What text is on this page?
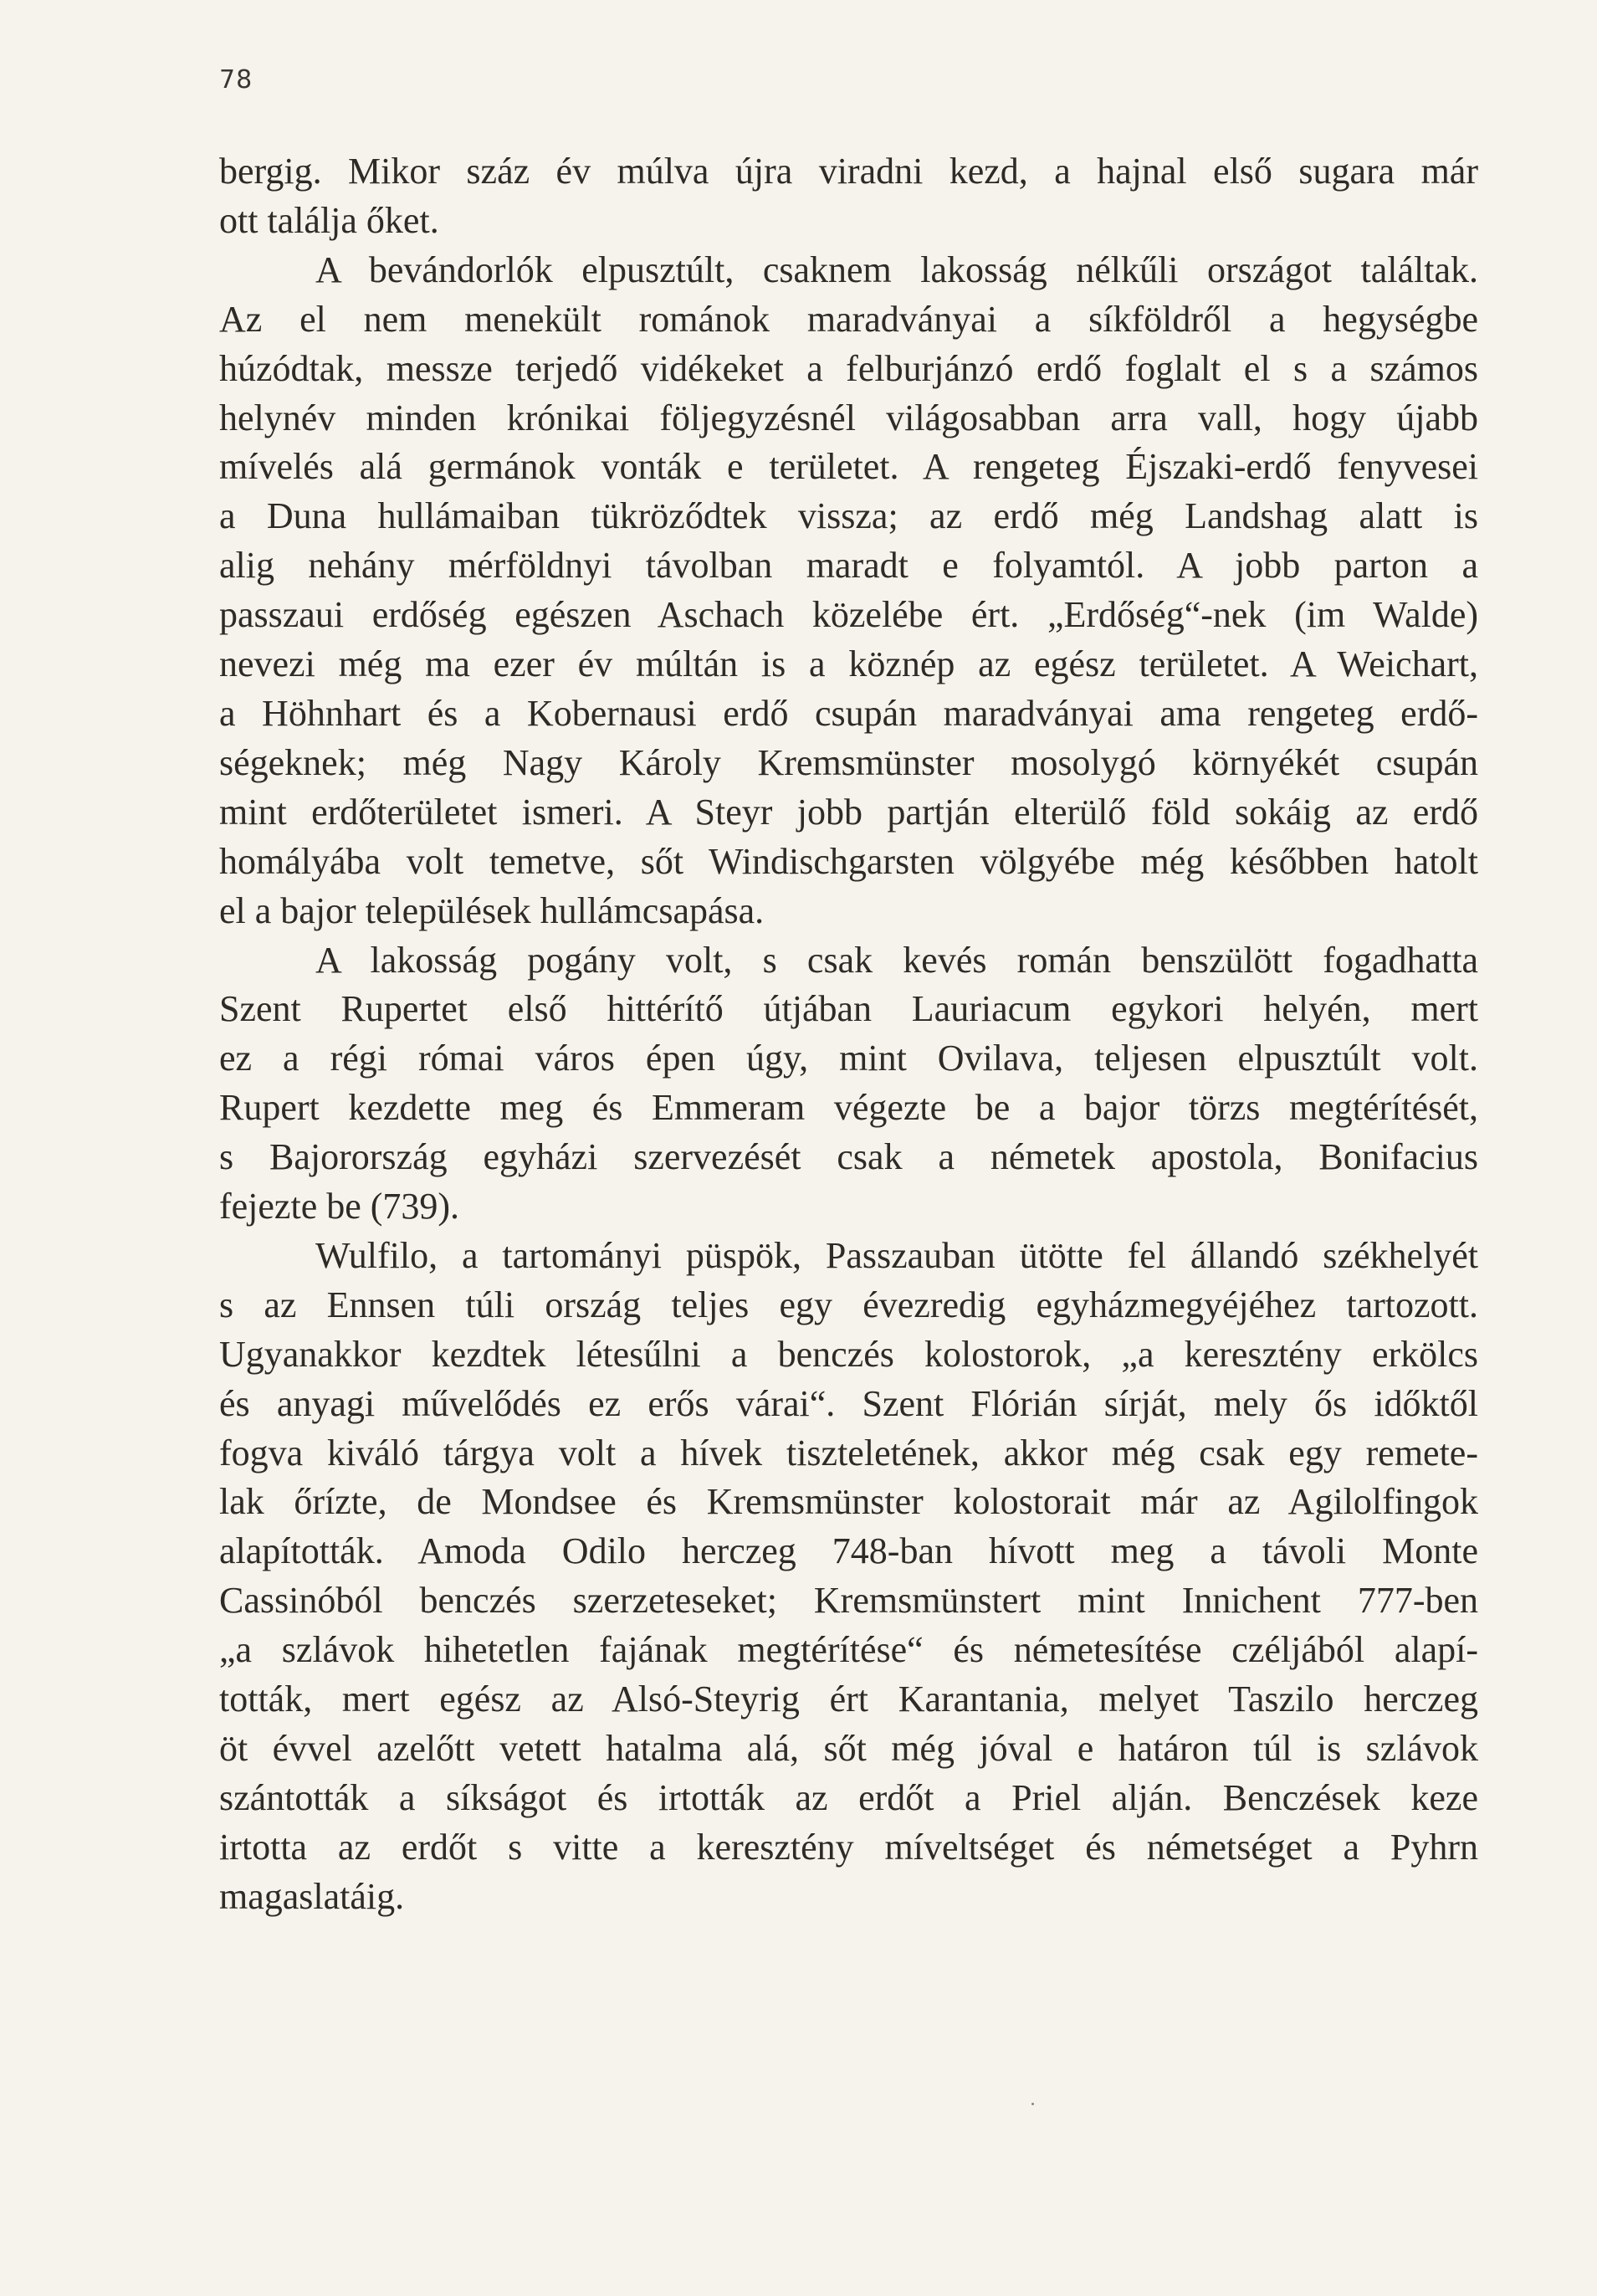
78

bergig. Mikor száz év múlva újra viradni kezd, a hajnal első sugara már
ott találja őket.

A bevándorlók elpusztúlt, csaknem lakosság nélkűli országot találtak.
Az el nem menekült románok maradványai a síkföldről a hegységbe
húzódtak, messze terjedő vidékeket a felburjánzó erdő foglalt el s a számos
helynév minden krónikai följegyzésnél világosabban arra vall, hogy újabb
mívelés alá germánok vonták e területet. A rengeteg Éjszaki-erdő fenyvesei
a Duna hullámaiban tükröződtek vissza; az erdő még Landshag alatt is
alig nehány mérföldnyi távolban maradt e folyamtól. A jobb parton a
passzaui erdőség egészen Aschach közelébe ért. „Erdőség“-nek (im Walde)
nevezi még ma ezer év múltán is a köznép az egész területet. A Weichart,
a Höhnhart és a Kobernausi erdő csupán maradványai ama rengeteg erdő-
ségeknek; még Nagy Károly Kremsmünster mosolygó környékét csupán
mint erdőterületet ismeri. A Steyr jobb partján elterülő föld sokáig az erdő
homályába volt temetve, sőt Windischgarsten völgyébe még későbben hatolt
el a bajor települések hullámcsapása.

A lakosság pogány volt, s csak kevés román benszülött fogadhatta
Szent Rupertet első hittérítő útjában Lauriacum egykori helyén, mert
ez a régi római város épen úgy, mint Ovilava, teljesen elpusztúlt volt.
Rupert kezdette meg és Emmeram végezte be a bajor törzs megtérítését,
s Bajorország egyházi szervezését csak a németek apostola, Bonifacius
fejezte be (739).

Wulfilo, a tartományi püspök, Passzauban ütötte fel állandó székhelyét
s az Ennsen túli ország teljes egy évezredig egyházmegyéjéhez tartozott.
Ugyanakkor kezdtek létesűlni a benczés kolostorok, „a keresztény erkölcs
és anyagi művelődés ez erős várai“. Szent Flórián sírját, mely ős időktől
fogva kiváló tárgya volt a hívek tiszteletének, akkor még csak egy remete-
lak őrízte, de Mondsee és Kremsmünster kolostorait már az Agilolfingok
alapították. Amoda Odilo herczeg 748-ban hívott meg a távoli Monte
Cassinóból benczés szerzeteseket; Kremsmünstert mint Innichent 777-ben
„a szlávok hihetetlen fajának megtérítése“ és németesítése czéljából alapí-
tották, mert egész az Alsó-Steyrig ért Karantania, melyet Taszilo herczeg
öt évvel azelőtt vetett hatalma alá, sőt még jóval e határon túl is szlávok
szántották a síkságot és irtották az erdőt a Priel alján. Benczések keze
irtotta az erdőt s vitte a keresztény míveltséget és németséget a Pyhrn
magaslatáig.
